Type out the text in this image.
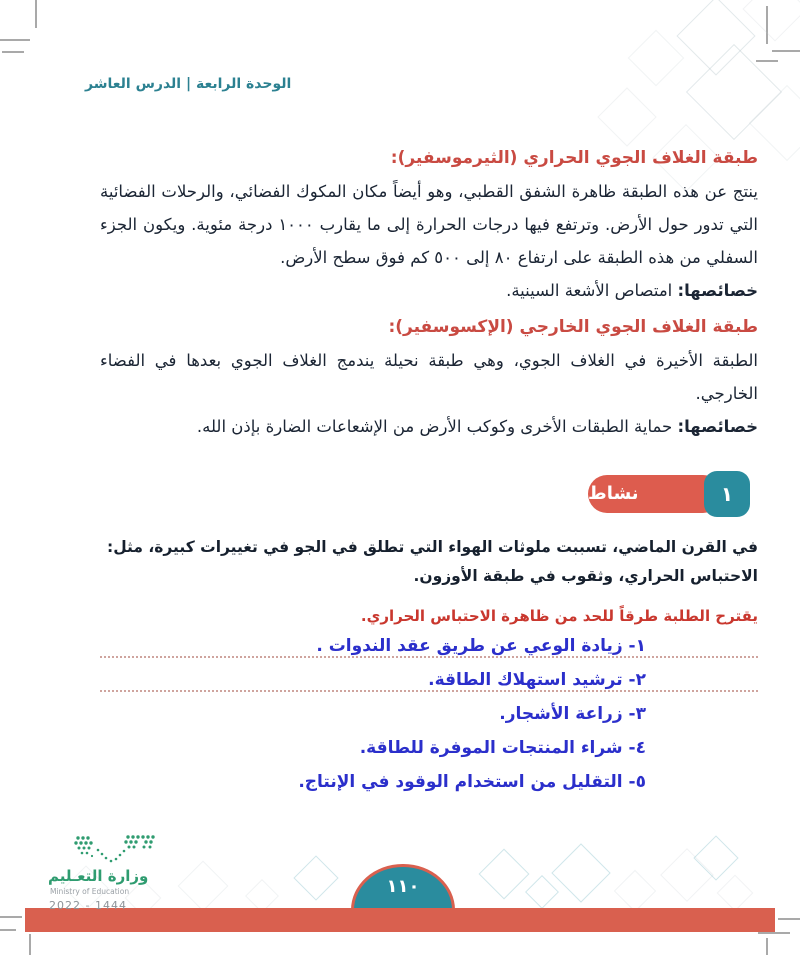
الوحدة الرابعة | الدرس العاشر
طبقة الغلاف الجوي الحراري (الثيرموسفير):

ينتج عن هذه الطبقة ظاهرة الشفق القطبي، وهو أيضاً مكان المكوك الفضائي، والرحلات الفضائية التي تدور حول الأرض. وترتفع فيها درجات الحرارة إلى ما يقارب ١٠٠٠ درجة مئوية. ويكون الجزء السفلي من هذه الطبقة على ارتفاع ٨٠ إلى ٥٠٠ كم فوق سطح الأرض.

خصائصها: امتصاص الأشعة السينية.

طبقة الغلاف الجوي الخارجي (الإكسوسفير):

الطبقة الأخيرة في الغلاف الجوي، وهي طبقة نحيلة يندمج الغلاف الجوي بعدها في الفضاء الخارجي.

خصائصها: حماية الطبقات الأخرى وكوكب الأرض من الإشعاعات الضارة بإذن الله.

نشاط	١

في القرن الماضي، تسببت ملوثات الهواء التي تطلق في الجو في تغييرات كبيرة، مثل: الاحتباس الحراري، وثقوب في طبقة الأوزون.

يقترح الطلبة طرقاً للحد من ظاهرة الاحتباس الحراري.

١- زيادة الوعي عن طريق عقد الندوات .
٢- ترشيد استهلاك الطاقة.
٣- زراعة الأشجار.
٤- شراء المنتجات الموفرة للطاقة.
٥- التقليل من استخدام الوقود في الإنتاج.

وزارة التعـليم

Ministry of Education

2022 - 1444

١١٠
